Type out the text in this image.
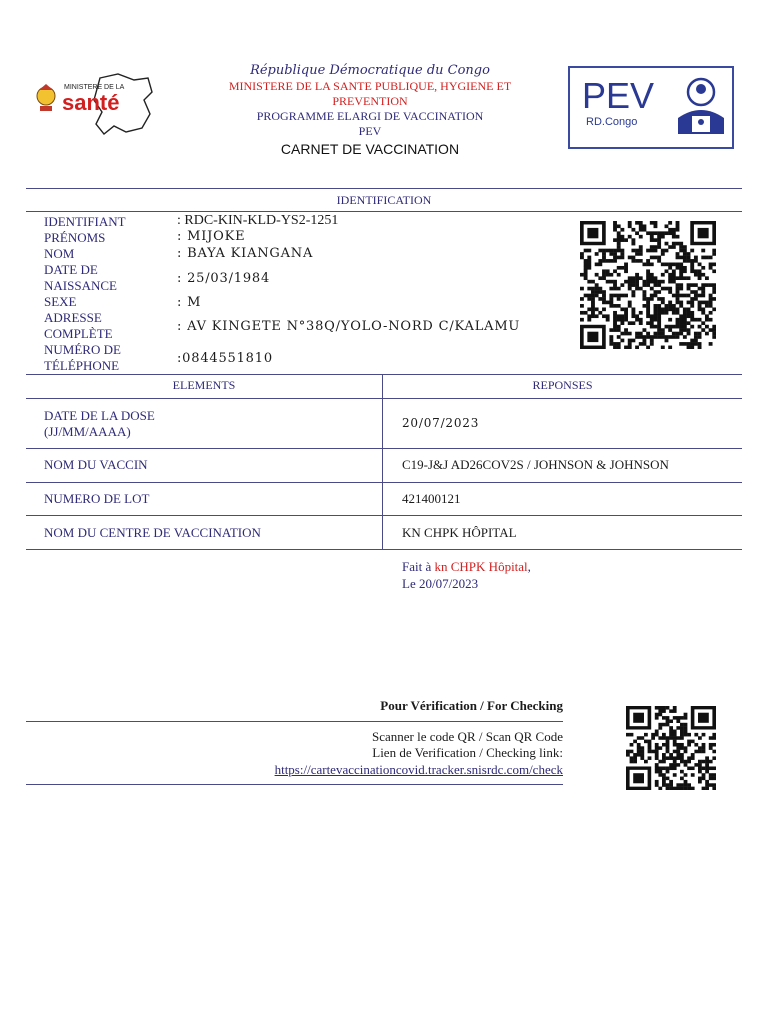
MINISTERE DE LA
santé
République Démocratique du Congo
MINISTERE DE LA SANTE PUBLIQUE, HYGIENE ET
PREVENTION
PROGRAMME ELARGI DE VACCINATION
PEV
CARNET DE VACCINATION
PEV
RD.Congo
IDENTIFICATION
IDENTIFIANT	: RDC-KIN-KLD-YS2-1251
PRÉNOMS	: MIJOKE
NOM	: BAYA KIANGANA
DATE DE
NAISSANCE	: 25/03/1984
SEXE	: M
ADRESSE
COMPLÈTE	: AV KINGETE N°38Q/YOLO-NORD C/KALAMU
NUMÉRO DE
TÉLÉPHONE	:0844551810
ELEMENTS	REPONSES
DATE DE LA DOSE
(JJ/MM/AAAA)
20/07/2023
NOM DU VACCIN	C19-J&J AD26COV2S / JOHNSON & JOHNSON
NUMERO DE LOT	421400121
NOM DU CENTRE DE VACCINATION	KN CHPK HÔPITAL
Fait à kn CHPK Hôpital,
Le 20/07/2023
Pour Vérification / For Checking
Scanner le code QR / Scan QR Code
Lien de Verification / Checking link:
https://cartevaccinationcovid.tracker.snisrdc.com/check
